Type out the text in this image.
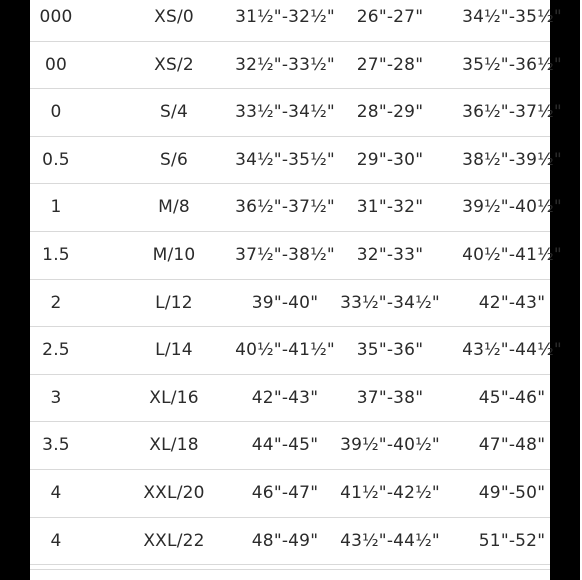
000	XS/0	31½"-32½"	26"-27"	34½"-35½"
00	XS/2	32½"-33½"	27"-28"	35½"-36½"
0	S/4	33½"-34½"	28"-29"	36½"-37½"
0.5	S/6	34½"-35½"	29"-30"	38½"-39½"
1	M/8	36½"-37½"	31"-32"	39½"-40½"
1.5	M/10	37½"-38½"	32"-33"	40½"-41½"
2	L/12	39"-40"	33½"-34½"	42"-43"
2.5	L/14	40½"-41½"	35"-36"	43½"-44½"
3	XL/16	42"-43"	37"-38"	45"-46"
3.5	XL/18	44"-45"	39½"-40½"	47"-48"
4	XXL/20	46"-47"	41½"-42½"	49"-50"
4	XXL/22	48"-49"	43½"-44½"	51"-52"
